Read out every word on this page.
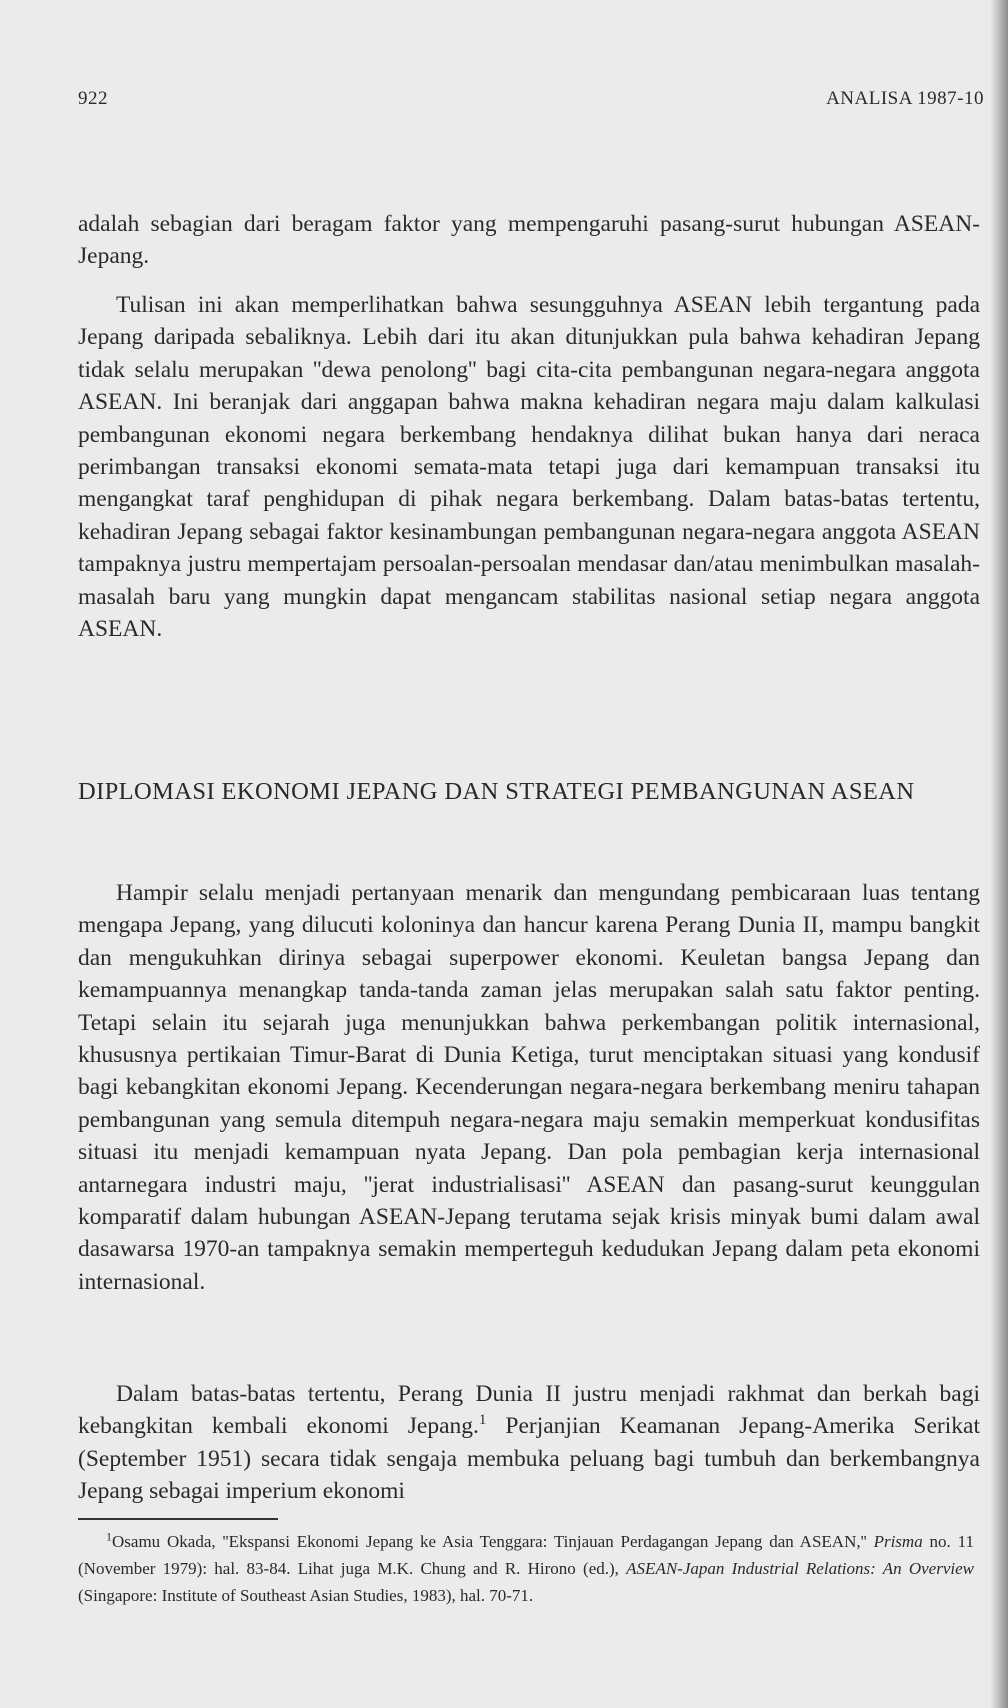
922	ANALISA 1987-10

adalah sebagian dari beragam faktor yang mempengaruhi pasang-surut hubungan ASEAN-Jepang.

Tulisan ini akan memperlihatkan bahwa sesungguhnya ASEAN lebih tergantung pada Jepang daripada sebaliknya. Lebih dari itu akan ditunjukkan pula bahwa kehadiran Jepang tidak selalu merupakan ''dewa penolong'' bagi cita-cita pembangunan negara-negara anggota ASEAN. Ini beranjak dari anggapan bahwa makna kehadiran negara maju dalam kalkulasi pembangunan ekonomi negara berkembang hendaknya dilihat bukan hanya dari neraca perimbangan transaksi ekonomi semata-mata tetapi juga dari kemampuan transaksi itu mengangkat taraf penghidupan di pihak negara berkembang. Dalam batas-batas tertentu, kehadiran Jepang sebagai faktor kesinambungan pembangunan negara-negara anggota ASEAN tampaknya justru mempertajam persoalan-persoalan mendasar dan/atau menimbulkan masalah-masalah baru yang mungkin dapat mengancam stabilitas nasional setiap negara anggota ASEAN.

DIPLOMASI EKONOMI JEPANG DAN STRATEGI PEMBANGUNAN ASEAN

Hampir selalu menjadi pertanyaan menarik dan mengundang pembicaraan luas tentang mengapa Jepang, yang dilucuti koloninya dan hancur karena Perang Dunia II, mampu bangkit dan mengukuhkan dirinya sebagai superpower ekonomi. Keuletan bangsa Jepang dan kemampuannya menangkap tanda-tanda zaman jelas merupakan salah satu faktor penting. Tetapi selain itu sejarah juga menunjukkan bahwa perkembangan politik internasional, khususnya pertikaian Timur-Barat di Dunia Ketiga, turut menciptakan situasi yang kondusif bagi kebangkitan ekonomi Jepang. Kecenderungan negara-negara berkembang meniru tahapan pembangunan yang semula ditempuh negara-negara maju semakin memperkuat kondusifitas situasi itu menjadi kemampuan nyata Jepang. Dan pola pembagian kerja internasional antarnegara industri maju, ''jerat industrialisasi'' ASEAN dan pasang-surut keunggulan komparatif dalam hubungan ASEAN-Jepang terutama sejak krisis minyak bumi dalam awal dasawarsa 1970-an tampaknya semakin memperteguh kedudukan Jepang dalam peta ekonomi internasional.

Dalam batas-batas tertentu, Perang Dunia II justru menjadi rakhmat dan berkah bagi kebangkitan kembali ekonomi Jepang.$^1$ Perjanjian Keamanan Jepang-Amerika Serikat (September 1951) secara tidak sengaja membuka peluang bagi tumbuh dan berkembangnya Jepang sebagai imperium ekonomi

$^1$Osamu Okada, ''Ekspansi Ekonomi Jepang ke Asia Tenggara: Tinjauan Perdagangan Jepang dan ASEAN,'' Prisma no. 11 (November 1979): hal. 83-84. Lihat juga M.K. Chung and R. Hirono (ed.), ASEAN-Japan Industrial Relations: An Overview (Singapore: Institute of Southeast Asian Studies, 1983), hal. 70-71.
